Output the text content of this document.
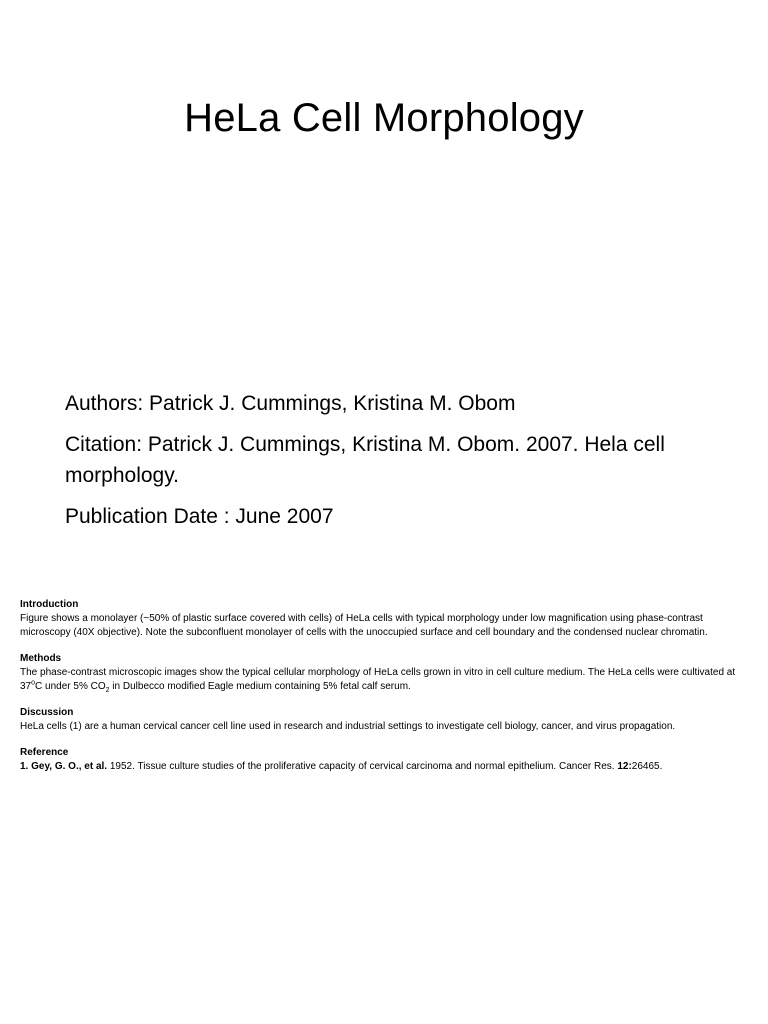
HeLa Cell Morphology

Authors: Patrick J. Cummings, Kristina M. Obom

Citation: Patrick J. Cummings, Kristina M. Obom. 2007. Hela cell morphology.

Publication Date : June 2007

Introduction

Figure shows a monolayer (~50% of plastic surface covered with cells) of HeLa cells with typical morphology under low magnification using phase-contrast microscopy (40X objective). Note the subconfluent monolayer of cells with the unoccupied surface and cell boundary and the condensed nuclear chromatin.

Methods

The phase-contrast microscopic images show the typical cellular morphology of HeLa cells grown in vitro in cell culture medium. The HeLa cells were cultivated at 37$^o$C under 5% $CO_2$ in Dulbecco modified Eagle medium containing 5% fetal calf serum.

Discussion

HeLa cells (1) are a human cervical cancer cell line used in research and industrial settings to investigate cell biology, cancer, and virus propagation.

Reference

1. Gey, G. O., et al. 1952. Tissue culture studies of the proliferative capacity of cervical carcinoma and normal epithelium. Cancer Res. 12:26465.
